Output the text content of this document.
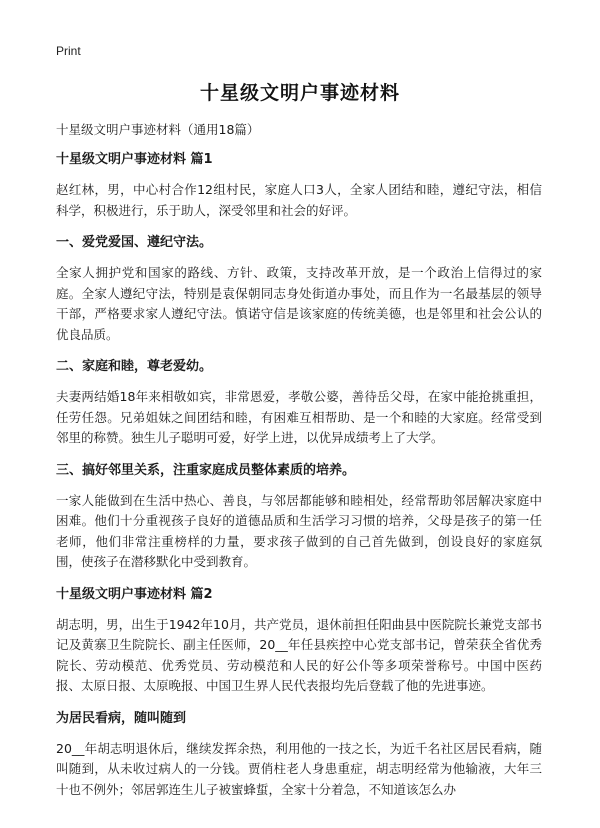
Print
十星级文明户事迹材料

十星级文明户事迹材料（通用18篇）

十星级文明户事迹材料 篇1

赵红林，男，中心村合作12组村民，家庭人口3人，全家人团结和睦，遵纪守法，相信科学，积极进行，乐于助人，深受邻里和社会的好评。

一、爱党爱国、遵纪守法。

全家人拥护党和国家的路线、方针、政策，支持改革开放，是一个政治上信得过的家庭。全家人遵纪守法，特别是袁保朝同志身处街道办事处，而且作为一名最基层的领导干部，严格要求家人遵纪守法。慎诺守信是该家庭的传统美德，也是邻里和社会公认的优良品质。

二、家庭和睦，尊老爱幼。

夫妻两结婚18年来相敬如宾，非常恩爱，孝敬公婆，善待岳父母，在家中能抢挑重担，任劳任怨。兄弟姐妹之间团结和睦，有困难互相帮助、是一个和睦的大家庭。经常受到邻里的称赞。独生儿子聪明可爱，好学上进，以优异成绩考上了大学。

三、搞好邻里关系，注重家庭成员整体素质的培养。

一家人能做到在生活中热心、善良，与邻居都能够和睦相处，经常帮助邻居解决家庭中困难。他们十分重视孩子良好的道德品质和生活学习习惯的培养，父母是孩子的第一任老师，他们非常注重榜样的力量，要求孩子做到的自己首先做到，创设良好的家庭氛围，使孩子在潜移默化中受到教育。

十星级文明户事迹材料 篇2

胡志明，男，出生于1942年10月，共产党员，退休前担任阳曲县中医院院长兼党支部书记及黄寨卫生院院长、副主任医师，20__年任县疾控中心党支部书记，曾荣获全省优秀院长、劳动模范、优秀党员、劳动模范和人民的好公仆等多项荣誉称号。中国中医药报、太原日报、太原晚报、中国卫生界人民代表报均先后登载了他的先进事迹。

为居民看病，随叫随到

20__年胡志明退休后，继续发挥余热，利用他的一技之长，为近千名社区居民看病，随叫随到，从未收过病人的一分钱。贾俏柱老人身患重症，胡志明经常为他输液，大年三十也不例外；邻居郭连生儿子被蜜蜂蜇，全家十分着急，不知道该怎么办
